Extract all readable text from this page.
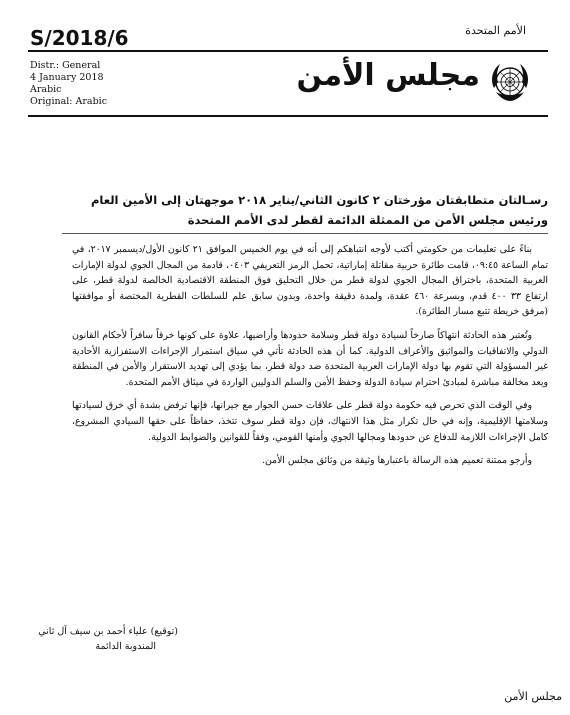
الأمم المتحدة
S/2018/6
Distr.: General
4 January 2018
Arabic
Original: Arabic
مجلس الأمن
رسـالتان متطابقتان مؤرختان ٢ كانون الثاني/يناير ٢٠١٨ موجهتان إلى الأمين العام
ورئيس مجلس الأمن من الممثلة الدائمة لقطر لدى الأمم المتحدة

بناءً على تعليمات من حكومتي أكتب لأوجه انتباهكم إلى أنه في يوم الخميس الموافق ٢١ كانون الأول/ديسمبر ٢٠١٧، في تمام الساعة ٠٩:٤٥، قامت طائرة حربية مقاتلة إماراتية، تحمل الرمز التعريفي ٠٤٠٣، قادمة من المجال الجوي لدولة الإمارات العربية المتحدة، باختراق المجال الجوي لدولة قطر من خلال التحليق فوق المنطقة الاقتصادية الخالصة لدولة قطر، على ارتفاع ٣٣ ٤٠٠ قدم، وبسرعة ٤٦٠ عقدة، ولمدة دقيقة واحدة، وبدون سابق علم للسلطات القطرية المختصة أو موافقتها (مرفق خريطة تتبع مسار الطائرة).

وتُعتبر هذه الحادثة انتهاكاً صارخاً لسيادة دولة قطر وسلامة حدودها وأراضيها، علاوة على كونها خرقاً سافراً لأحكام القانون الدولي والاتفاقيات والمواثيق والأعراف الدولية. كما أن هذه الحادثة تأتي في سياق استمرار الإجراءات الاستفزازية الأحادية غير المسؤولة التي تقوم بها دولة الإمارات العربية المتحدة ضد دولة قطر، بما يؤدي إلى تهديد الاستقرار والأمن في المنطقة ويعد مخالفة مباشرة لمبادئ احترام سيادة الدولة وحفظ الأمن والسلم الدوليين الواردة في ميثاق الأمم المتحدة.

وفي الوقت الذي تحرص فيه حكومة دولة قطر على علاقات حسن الجوار مع جيرانها، فإنها ترفض بشدة أي خرق لسيادتها وسلامتها الإقليمية، وإنه في حال تكرار مثل هذا الانتهاك، فإن دولة قطر سوف تتخذ، حفاظاً على حقها السيادي المشروع، كامل الإجراءات اللازمة للدفاع عن حدودها ومجالها الجوي وأمنها القومي، وفقاً للقوانين والضوابط الدولية.

وأرجو ممتنة تعميم هذه الرسالة باعتبارها وثيقة من وثائق مجلس الأمن.

(توقيع) علياء أحمد بن سيف آل ثاني
المندوبة الدائمة
مجلس الأمن
